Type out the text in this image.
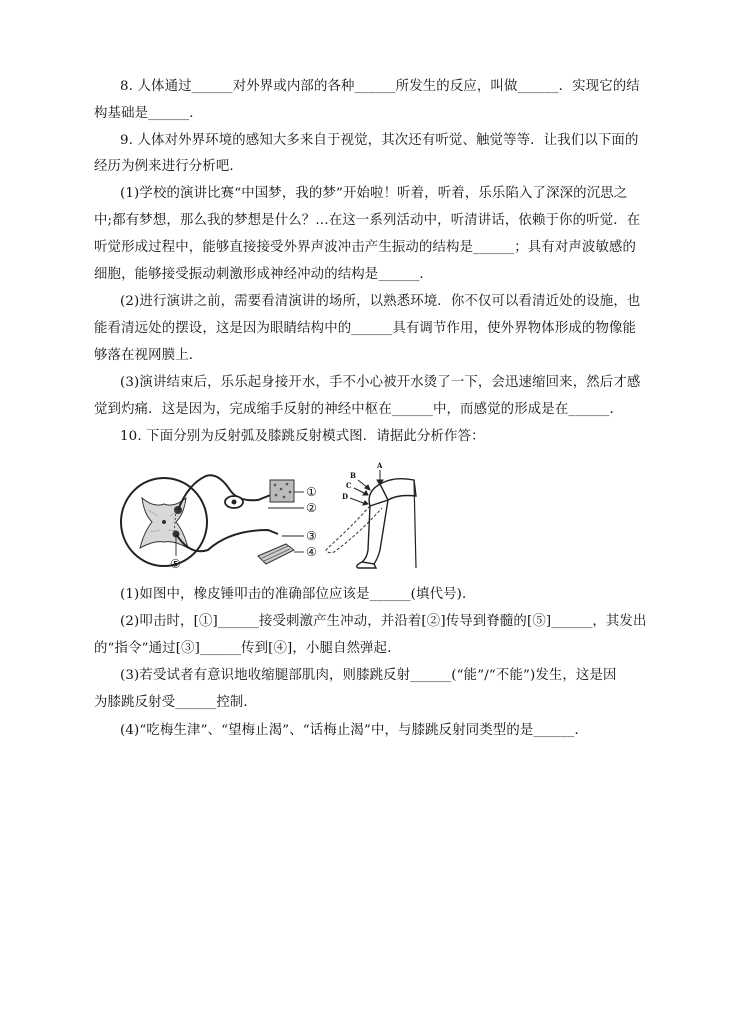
8. 人体通过______对外界或内部的各种______所发生的反应，叫做______．实现它的结
构基础是______．
9. 人体对外界环境的感知大多来自于视觉，其次还有听觉、触觉等等．让我们以下面的
经历为例来进行分析吧．
(1)学校的演讲比赛“中国梦，我的梦”开始啦！听着，听着，乐乐陷入了深深的沉思之
中;都有梦想，那么我的梦想是什么？…在这一系列活动中，听清讲话，依赖于你的听觉．在
听觉形成过程中，能够直接接受外界声波冲击产生振动的结构是______；具有对声波敏感的
细胞，能够接受振动刺激形成神经冲动的结构是______．
(2)进行演讲之前，需要看清演讲的场所，以熟悉环境．你不仅可以看清近处的设施，也
能看清远处的摆设，这是因为眼睛结构中的______具有调节作用，使外界物体形成的物像能
够落在视网膜上．
(3)演讲结束后，乐乐起身接开水，手不小心被开水烫了一下，会迅速缩回来，然后才感
觉到灼痛．这是因为，完成缩手反射的神经中枢在______中，而感觉的形成是在______．
10. 下面分别为反射弧及膝跳反射模式图．请据此分析作答：
①
②
③
④
⑤
A
B
C
D
(1)如图中，橡皮锤叩击的准确部位应该是______(填代号)．
(2)叩击时，[①]______接受刺激产生冲动，并沿着[②]传导到脊髓的[⑤]______，其发出
的“指令”通过[③]______传到[④]，小腿自然弹起．
(3)若受试者有意识地收缩腿部肌肉，则膝跳反射______(“能”/“不能”)发生，这是因
为膝跳反射受______控制．
(4)“吃梅生津”、“望梅止渴”、“话梅止渴”中，与膝跳反射同类型的是______．
